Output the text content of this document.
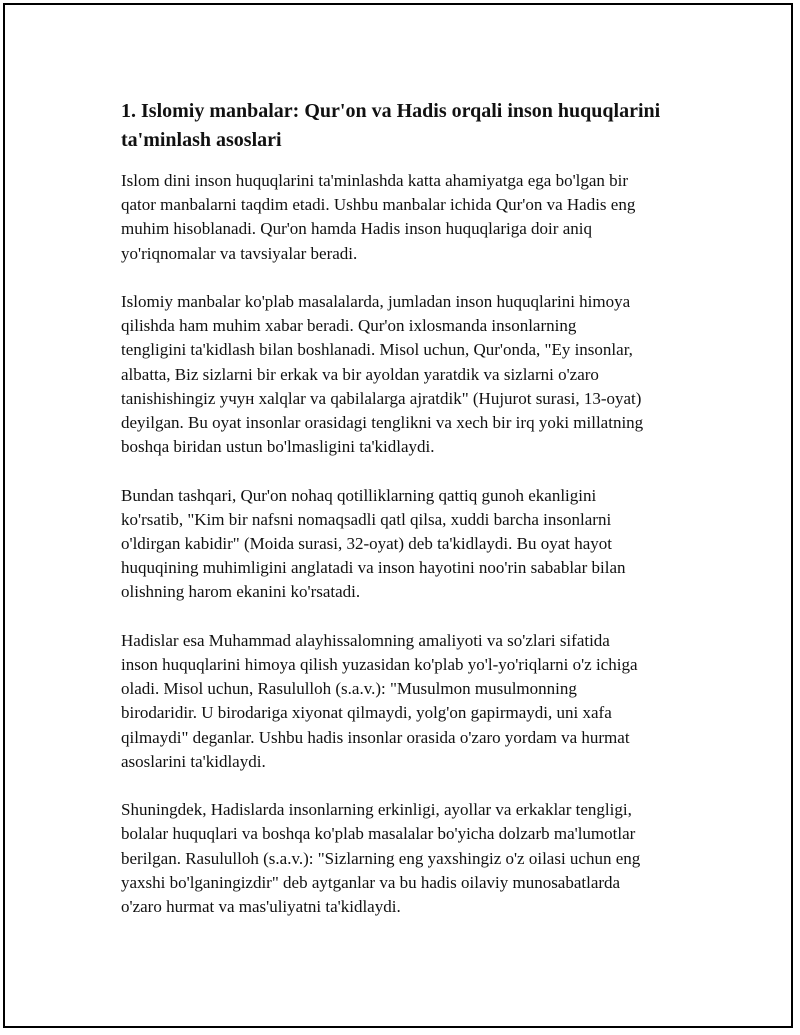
1. Islomiy manbalar: Qur'on va Hadis orqali inson huquqlarini
ta'minlash asoslari

Islom dini inson huquqlarini ta'minlashda katta ahamiyatga ega bo'lgan bir
qator manbalarni taqdim etadi. Ushbu manbalar ichida Qur'on va Hadis eng
muhim hisoblanadi. Qur'on hamda Hadis inson huquqlariga doir aniq
yo'riqnomalar va tavsiyalar beradi.

Islomiy manbalar ko'plab masalalarda, jumladan inson huquqlarini himoya
qilishda ham muhim xabar beradi. Qur'on ixlosmanda insonlarning
tengligini ta'kidlash bilan boshlanadi. Misol uchun, Qur'onda, "Ey insonlar,
albatta, Biz sizlarni bir erkak va bir ayoldan yaratdik va sizlarni o'zaro
tanishishingiz учун xalqlar va qabilalarga ajratdik" (Hujurot surasi, 13-oyat)
deyilgan. Bu oyat insonlar orasidagi tenglikni va xech bir irq yoki millatning
boshqa biridan ustun bo'lmasligini ta'kidlaydi.

Bundan tashqari, Qur'on nohaq qotilliklarning qattiq gunoh ekanligini
ko'rsatib, "Kim bir nafsni nomaqsadli qatl qilsa, xuddi barcha insonlarni
o'ldirgan kabidir" (Moida surasi, 32-oyat) deb ta'kidlaydi. Bu oyat hayot
huquqining muhimligini anglatadi va inson hayotini noo'rin sabablar bilan
olishning harom ekanini ko'rsatadi.

Hadislar esa Muhammad alayhissalomning amaliyoti va so'zlari sifatida
inson huquqlarini himoya qilish yuzasidan ko'plab yo'l-yo'riqlarni o'z ichiga
oladi. Misol uchun, Rasululloh (s.a.v.): "Musulmon musulmonning
birodaridir. U birodariga xiyonat qilmaydi, yolg'on gapirmaydi, uni xafa
qilmaydi" deganlar. Ushbu hadis insonlar orasida o'zaro yordam va hurmat
asoslarini ta'kidlaydi.

Shuningdek, Hadislarda insonlarning erkinligi, ayollar va erkaklar tengligi,
bolalar huquqlari va boshqa ko'plab masalalar bo'yicha dolzarb ma'lumotlar
berilgan. Rasululloh (s.a.v.): "Sizlarning eng yaxshingiz o'z oilasi uchun eng
yaxshi bo'lganingizdir" deb aytganlar va bu hadis oilaviy munosabatlarda
o'zaro hurmat va mas'uliyatni ta'kidlaydi.
